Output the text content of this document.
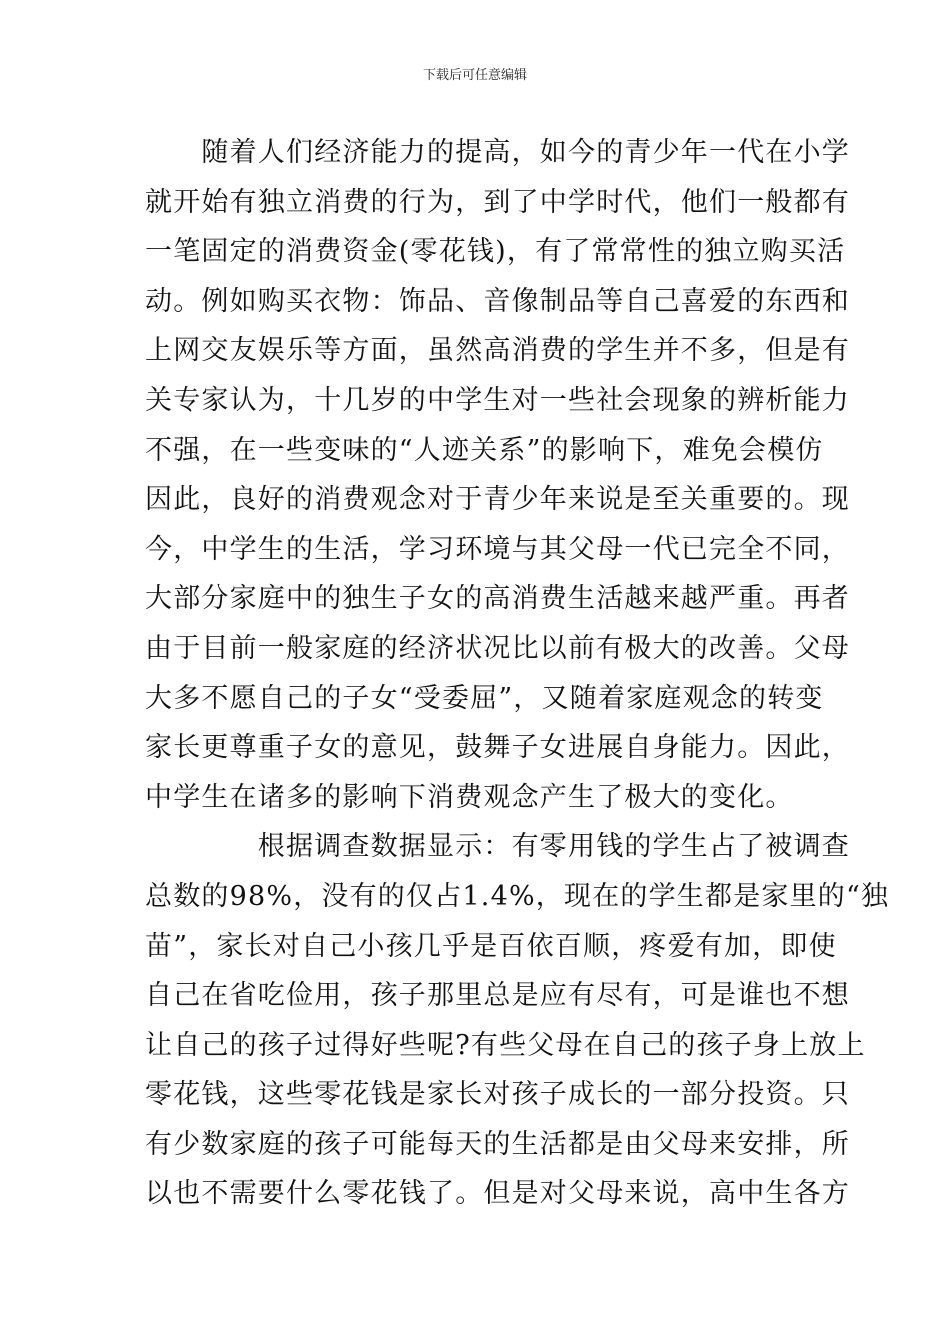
下载后可任意编辑
　　随着人们经济能力的提高，如今的青少年一代在小学
就开始有独立消费的行为，到了中学时代，他们一般都有
一笔固定的消费资金(零花钱)，有了常常性的独立购买活
动。例如购买衣物：饰品、音像制品等自己喜爱的东西和
上网交友娱乐等方面，虽然高消费的学生并不多，但是有
关专家认为，十几岁的中学生对一些社会现象的辨析能力
不强，在一些变味的“人迹关系”的影响下，难免会模仿
因此，良好的消费观念对于青少年来说是至关重要的。现
今，中学生的生活，学习环境与其父母一代已完全不同，
大部分家庭中的独生子女的高消费生活越来越严重。再者
由于目前一般家庭的经济状况比以前有极大的改善。父母
大多不愿自己的子女“受委屈”，又随着家庭观念的转变
家长更尊重子女的意见，鼓舞子女进展自身能力。因此，
中学生在诸多的影响下消费观念产生了极大的变化。
　　　　根据调查数据显示：有零用钱的学生占了被调查
总数的98%，没有的仅占1.4%，现在的学生都是家里的“独
苗”，家长对自己小孩几乎是百依百顺，疼爱有加，即使
自己在省吃俭用，孩子那里总是应有尽有，可是谁也不想
让自己的孩子过得好些呢?有些父母在自己的孩子身上放上
零花钱，这些零花钱是家长对孩子成长的一部分投资。只
有少数家庭的孩子可能每天的生活都是由父母来安排，所
以也不需要什么零花钱了。但是对父母来说，高中生各方
